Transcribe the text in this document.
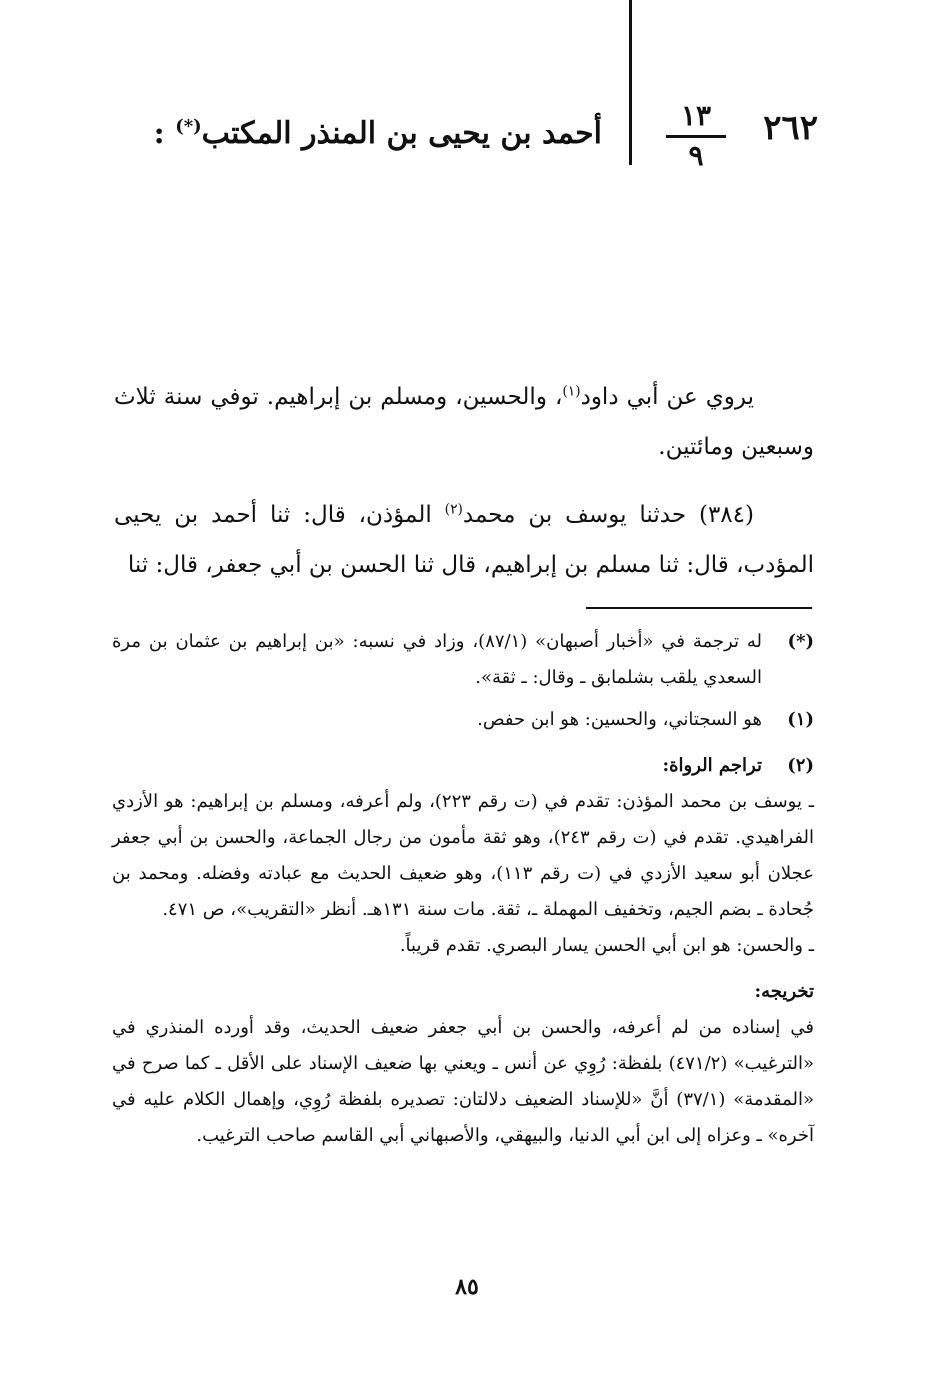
٢٦٢
١٣
٩
أحمد بن يحيى بن المنذر المكتب(*) :

يروي عن أبي داود$^{(١)}$، والحسين، ومسلم بن إبراهيم. توفي سنة ثلاث وسبعين ومائتين.

(٣٨٤) حدثنا يوسف بن محمد$^{(٢)}$ المؤذن، قال: ثنا أحمد بن يحيى المؤدب، قال: ثنا مسلم بن إبراهيم، قال ثنا الحسن بن أبي جعفر، قال: ثنا

(*)
له ترجمة في «أخبار أصبهان» (٨٧/١)، وزاد في نسبه: «بن إبراهيم بن عثمان بن مرة السعدي يلقب بشلمابق ـ وقال: ـ ثقة».
(١)
هو السجتاني، والحسين: هو ابن حفص.
(٢)
تراجم الرواة:

ـ يوسف بن محمد المؤذن: تقدم في (ت رقم ٢٢٣)، ولم أعرفه، ومسلم بن إبراهيم: هو الأزدي الفراهيدي. تقدم في (ت رقم ٢٤٣)، وهو ثقة مأمون من رجال الجماعة، والحسن بن أبي جعفر عجلان أبو سعيد الأزدي في (ت رقم ١١٣)، وهو ضعيف الحديث مع عبادته وفضله. ومحمد بن جُحادة ـ بضم الجيم، وتخفيف المهملة ـ، ثقة. مات سنة ١٣١هـ. أنظر «التقريب»، ص ٤٧١.

ـ والحسن: هو ابن أبي الحسن يسار البصري. تقدم قريباً.

تخريجه:

في إسناده من لم أعرفه، والحسن بن أبي جعفر ضعيف الحديث، وقد أورده المنذري في «الترغيب» (٤٧١/٢) بلفظة: رُوِي عن أنس ـ ويعني بها ضعيف الإسناد على الأقل ـ كما صرح في «المقدمة» (٣٧/١) أنَّ «للإسناد الضعيف دلالتان: تصديره بلفظة رُوِي، وإهمال الكلام عليه في آخره» ـ وعزاه إلى ابن أبي الدنيا، والبيهقي، والأصبهاني أبي القاسم صاحب الترغيب.

٨٥
